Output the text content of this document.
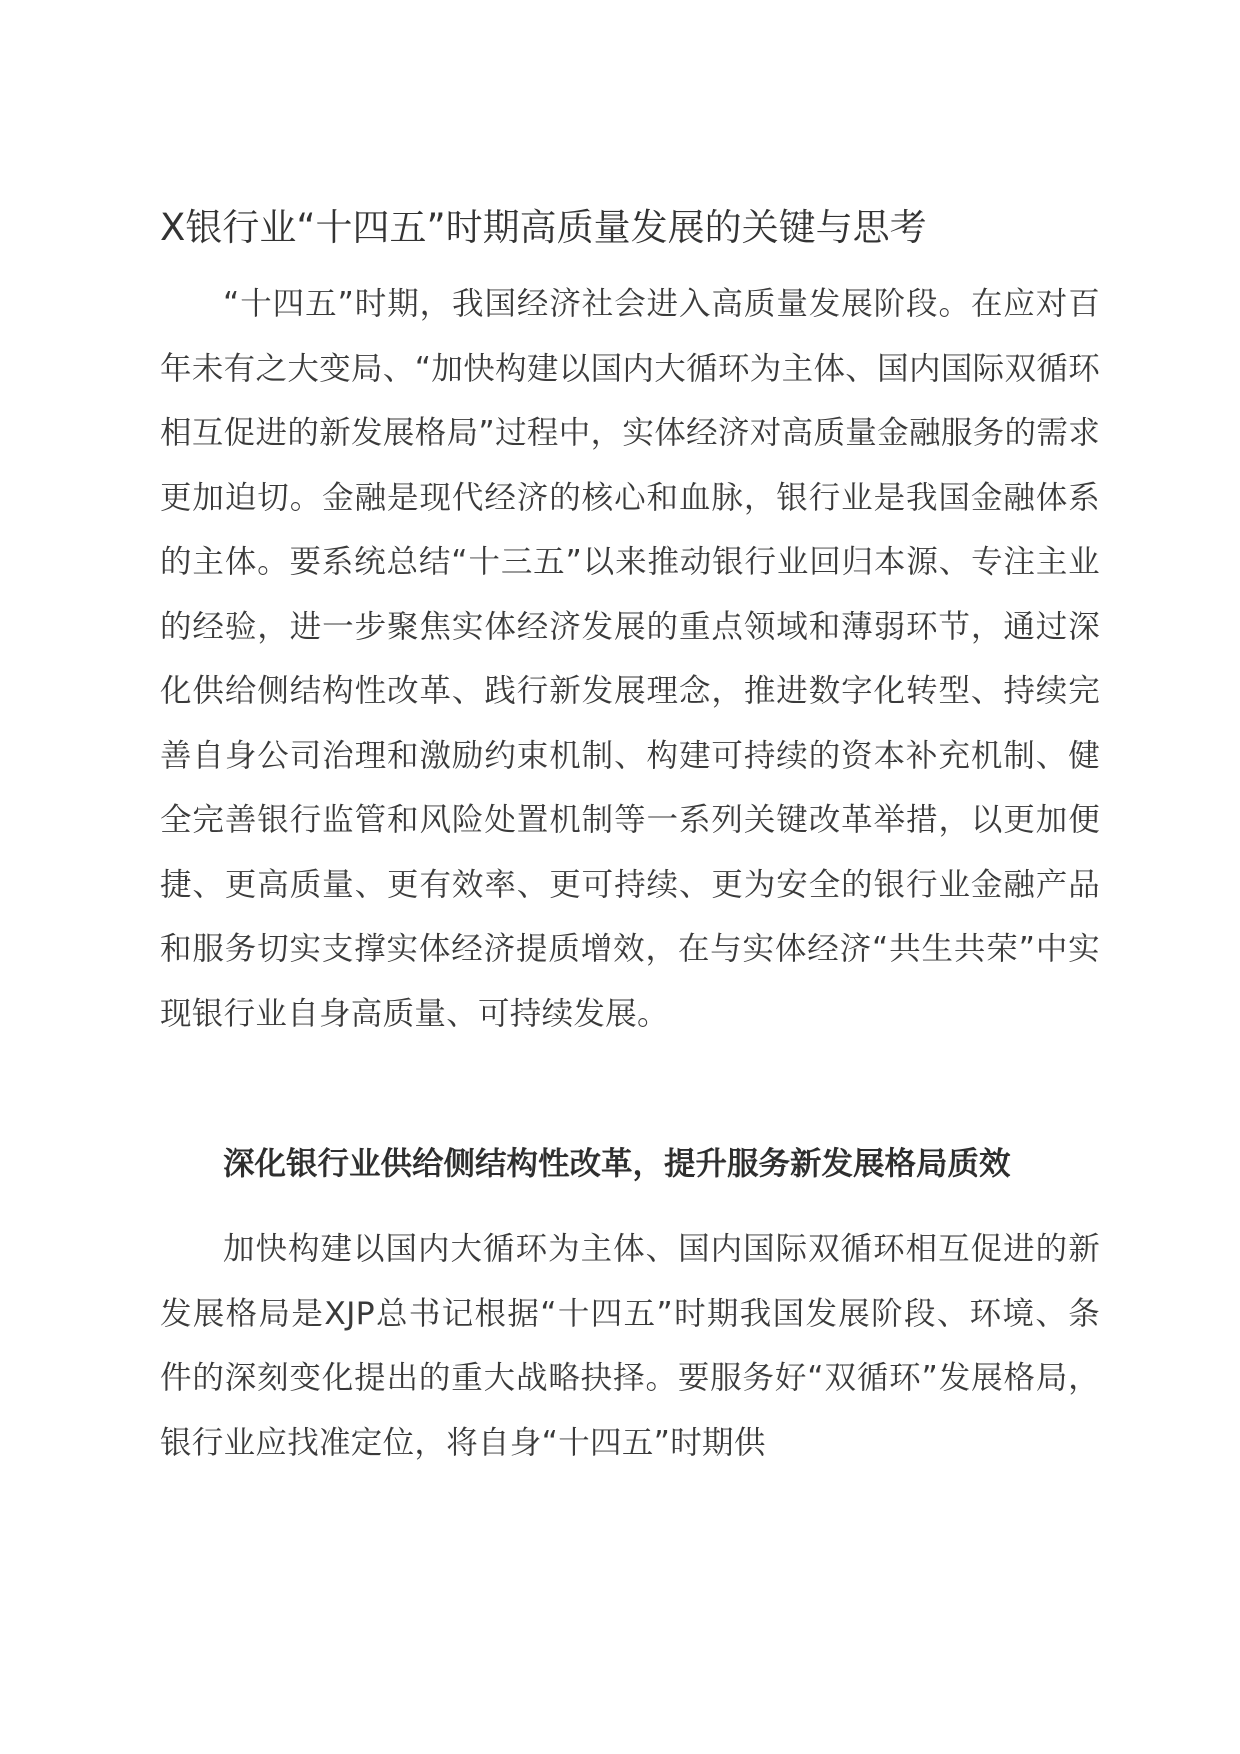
X银行业“十四五”时期高质量发展的关键与思考

“十四五”时期，我国经济社会进入高质量发展阶段。在应对百年未有之大变局、“加快构建以国内大循环为主体、国内国际双循环相互促进的新发展格局”过程中，实体经济对高质量金融服务的需求更加迫切。金融是现代经济的核心和血脉，银行业是我国金融体系的主体。要系统总结“十三五”以来推动银行业回归本源、专注主业的经验，进一步聚焦实体经济发展的重点领域和薄弱环节，通过深化供给侧结构性改革、践行新发展理念，推进数字化转型、持续完善自身公司治理和激励约束机制、构建可持续的资本补充机制、健全完善银行监管和风险处置机制等一系列关键改革举措，以更加便捷、更高质量、更有效率、更可持续、更为安全的银行业金融产品和服务切实支撑实体经济提质增效，在与实体经济“共生共荣”中实现银行业自身高质量、可持续发展。

深化银行业供给侧结构性改革，提升服务新发展格局质效

加快构建以国内大循环为主体、国内国际双循环相互促进的新发展格局是XJP总书记根据“十四五”时期我国发展阶段、环境、条件的深刻变化提出的重大战略抉择。要服务好“双循环”发展格局，银行业应找准定位，将自身“十四五”时期供
